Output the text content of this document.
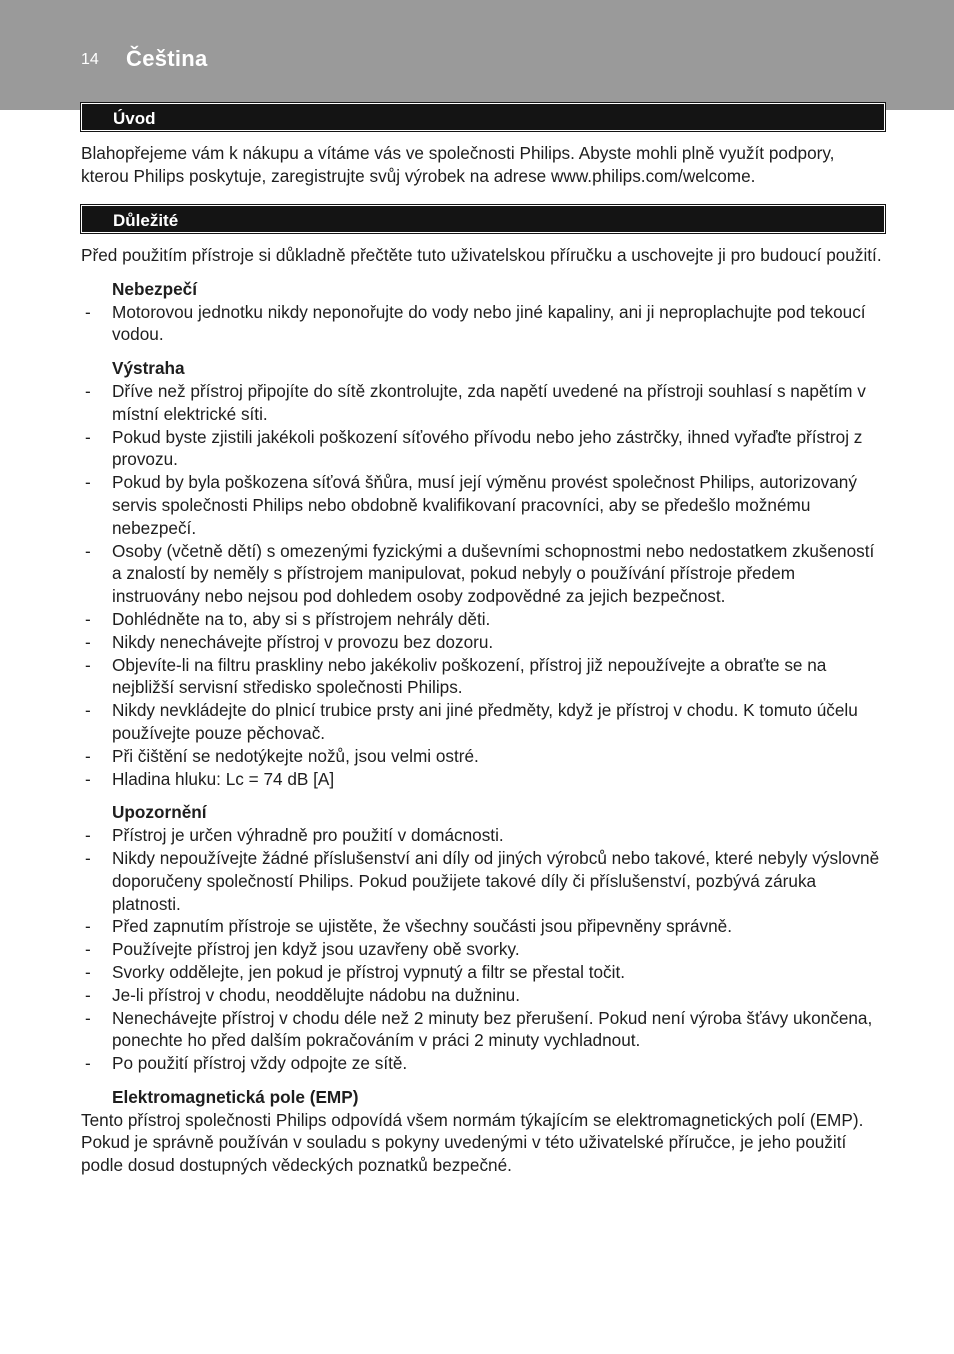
14 Čeština
Úvod

Blahopřejeme vám k nákupu a vítáme vás ve společnosti Philips. Abyste mohli plně využít podpory, kterou Philips poskytuje, zaregistrujte svůj výrobek na adrese www.philips.com/welcome.

Důležité

Před použitím přístroje si důkladně přečtěte tuto uživatelskou příručku a uschovejte ji pro budoucí použití.

Nebezpečí

- Motorovou jednotku nikdy neponořujte do vody nebo jiné kapaliny, ani ji neproplachujte pod tekoucí vodou.

Výstraha

- Dříve než přístroj připojíte do sítě zkontrolujte, zda napětí uvedené na přístroji souhlasí s napětím v místní elektrické síti.
- Pokud byste zjistili jakékoli poškození síťového přívodu nebo jeho zástrčky, ihned vyřaďte přístroj z provozu.
- Pokud by byla poškozena síťová šňůra, musí její výměnu provést společnost Philips, autorizovaný servis společnosti Philips nebo obdobně kvalifikovaní pracovníci, aby se předešlo možnému nebezpečí.
- Osoby (včetně dětí) s omezenými fyzickými a duševními schopnostmi nebo nedostatkem zkušeností a znalostí by neměly s přístrojem manipulovat, pokud nebyly o používání přístroje předem instruovány nebo nejsou pod dohledem osoby zodpovědné za jejich bezpečnost.
- Dohlédněte na to, aby si s přístrojem nehrály děti.
- Nikdy nenechávejte přístroj v provozu bez dozoru.
- Objevíte-li na filtru praskliny nebo jakékoliv poškození, přístroj již nepoužívejte a obraťte se na nejbližší servisní středisko společnosti Philips.
- Nikdy nevkládejte do plnicí trubice prsty ani jiné předměty, když je přístroj v chodu. K tomuto účelu používejte pouze pěchovač.
- Při čištění se nedotýkejte nožů, jsou velmi ostré.
- Hladina hluku: Lc = 74 dB [A]

Upozornění

- Přístroj je určen výhradně pro použití v domácnosti.
- Nikdy nepoužívejte žádné příslušenství ani díly od jiných výrobců nebo takové, které nebyly výslovně doporučeny společností Philips. Pokud použijete takové díly či příslušenství, pozbývá záruka platnosti.
- Před zapnutím přístroje se ujistěte, že všechny součásti jsou připevněny správně.
- Používejte přístroj jen když jsou uzavřeny obě svorky.
- Svorky oddělejte, jen pokud je přístroj vypnutý a filtr se přestal točit.
- Je-li přístroj v chodu, neoddělujte nádobu na dužninu.
- Nenechávejte přístroj v chodu déle než 2 minuty bez přerušení. Pokud není výroba šťávy ukončena, ponechte ho před dalším pokračováním v práci 2 minuty vychladnout.
- Po použití přístroj vždy odpojte ze sítě.

Elektromagnetická pole (EMP)

Tento přístroj společnosti Philips odpovídá všem normám týkajícím se elektromagnetických polí (EMP). Pokud je správně používán v souladu s pokyny uvedenými v této uživatelské příručce, je jeho použití podle dosud dostupných vědeckých poznatků bezpečné.
